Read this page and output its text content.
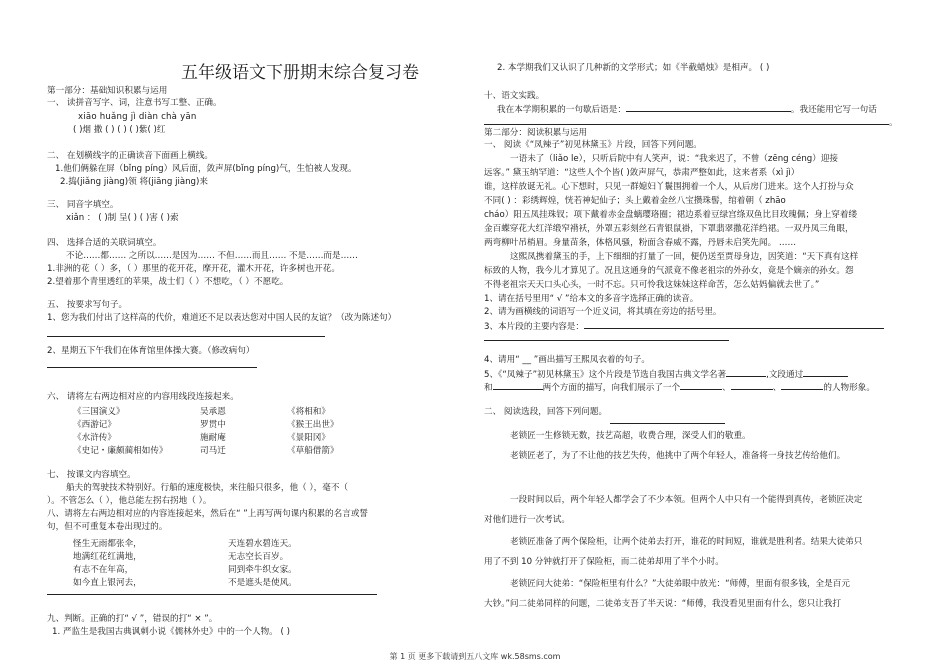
五年级语文下册期末综合复习卷
第一部分：基础知识积累与运用
一、 读拼音写字、词，注意书写工整、正确。
xiāo huǎng jì diàn chà yān
( )烟 撒 ( ) ( ) ( )紫( )红
二、 在划横线字的正确读音下面画上横线。
1.他们俩躲在屏（bǐng píng）风后面，敛声屏(bǐng píng)气，生怕被人发现。
2.捣(jiǎng jiàng)领 将(jiāng jiàng)来
三、 同音字填空。
xiǎn ： ( )制 呈( ) ( )害 ( )索
四、 选择合适的关联词填空。
不论……都…… 之所以……是因为…… 不但……而且…… 不是……而是……
1.非洲的花（ ）多，（ ）那里的花开花，摩开花，灌木开花，许多树也开花。
2.望着那个青里透红的苹果，战士们（ ）不想吃，（ ）不愿吃。
五、 按要求写句子。
1、您为我们付出了这样高的代价，难道还不足以表达您对中国人民的友谊？（改为陈述句）
2、星期五下午我们在体育馆里体操大赛。（修改病句）
六、 请将左右两边相对应的内容用线段连接起来。
《三国演义》
《西游记》
《水浒传》
《史记・廉颇蔺相如传》
吴承恩
罗贯中
施耐庵
司马迁
《将相和》
《猴王出世》
《景阳冈》
《草船借箭》
七、 按课文内容填空。
船夫的驾驶技术特别好。行船的速度极快，来往船只很多，他（ ），毫不（
）。不管怎么（ ），他总能左拐右拐地（ ）。
八、请将左右两边相对应的内容连接起来，然后在“ ”上再写两句课内积累的名言或誓
句，但不可重复本卷出现过的。
怪生无雨都张伞，
地满红花红满地，
有志不在年高，
如今直上银河去，
天连碧水碧连天。
无志空长百岁。
同到牵牛织女家。
不是遮头是使风。
九、判断。正确的打“ √ ”，错误的打“ × ”。
1. 严监生是我国古典讽刺小说《儒林外史》中的一个人物。 ( )
2. 本学期我们又认识了几种新的文学形式；如《半截蜡烛》是相声。 ( )
十、语文实践。
我在本学期积累的一句歇后语是：	。我还能用它写一句话
。
第二部分：阅读积累与运用
一、 阅读《“凤辣子”初见林黛玉》片段，回答下列问题。
一语未了（liǎo le），只听后院中有人笑声，说：“我来迟了，不曾（zēng céng）迎接
远客。” 黛玉纳罕道：“这些人个个皆( )敛声屏气，恭肃严整如此，这来者系（xì jì）
谁，这样放诞无礼。心下想时，只见一群媳妇丫鬟围拥着一个人，从后房门进来。这个人打扮与众
不同( ) ：彩绣辉煌，恍若神妃仙子；头上戴着金丝八宝攒珠髻，绾着朝（ zhāo
cháo）阳五凤挂珠钗；项下戴着赤金盘螭璎珞圈；裙边系着豆绿宫绦双鱼比目玫瑰佩；身上穿着缕
金百蝶穿花大红洋缎窄褙袄，外罩五彩刻丝石青银鼠褂，下罩翡翠撒花洋绉裙。一双丹凤三角眼，
两弯柳叶吊梢眉。身量苗条，体格风骚，粉面含春威不露，丹唇未启笑先闻。 ……
这熙凤携着黛玉的手，上下细细的打量了一回，便仍送至贾母身边，因笑道：“天下真有这样
标致的人物，我今儿才算见了。况且这通身的气派竟不像老祖宗的外孙女，竟是个嫡亲的孙女。怨
不得老祖宗天天口头心头，一时不忘。只可怜我这妹妹这样命苦，怎么姑妈偏就去世了。”
1、请在括号里用“ √ ”给本文的多音字选择正确的读音。
2、请为画横线的词语写一个近义词，将其填在旁边的括号里。
3、本片段的主要内容是：
4、请用“ __ ”画出描写王熙凤衣着的句子。
5、《“凤辣子”初见林黛玉》这个片段是节选自我国古典文学名著	,文段通过
和	两个方面的描写，向我们展示了一个	、	、	的人物形象。
二、 阅读选段，回答下列问题。
老锁匠一生修锁无数，技艺高超，收费合理，深受人们的敬重。
老锁匠老了，为了不让他的技艺失传，他挑中了两个年轻人，准备将一身技艺传给他们。
一段时间以后，两个年轻人都学会了不少本领。但两个人中只有一个能得到真传，老锁匠决定
对他们进行一次考试。
老锁匠准备了两个保险柜，让两个徒弟去打开，谁花的时间短，谁就是胜利者。结果大徒弟只
用了不到 10 分钟就打开了保险柜，而二徒弟却用了半个小时。
老锁匠问大徒弟：“保险柜里有什么？”大徒弟眼中放光：“师傅，里面有很多钱，全是百元
大钞。”问二徒弟同样的问题，二徒弟支吾了半天说：“师傅，我没看见里面有什么，您只让我打
第 1 页 更多下载请到五八文库 wk.58sms.com
